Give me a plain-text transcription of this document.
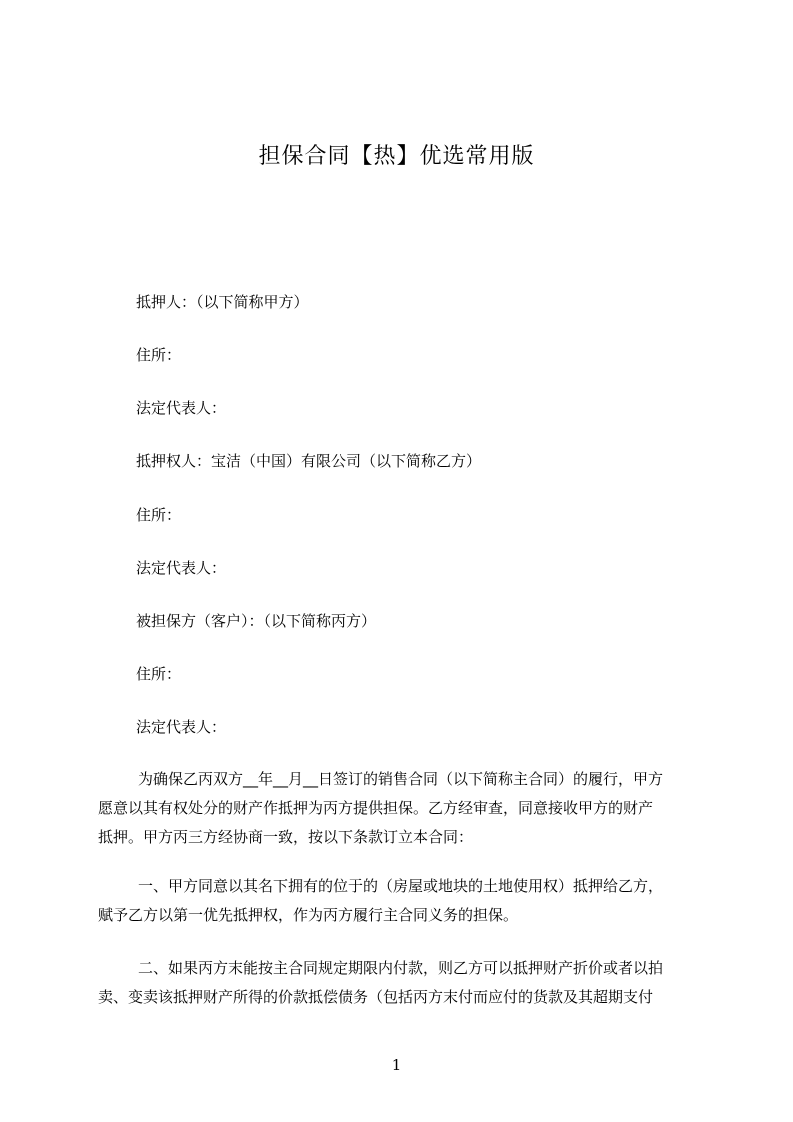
担保合同【热】优选常用版
抵押人：（以下简称甲方）
住所：
法定代表人：
抵押权人：宝洁（中国）有限公司（以下简称乙方）
住所：
法定代表人：
被担保方（客户）：（以下简称丙方）
住所：
法定代表人：
为确保乙丙双方__年__月__日签订的销售合同（以下简称主合同）的履行，甲方
愿意以其有权处分的财产作抵押为丙方提供担保。乙方经审查，同意接收甲方的财产
抵押。甲方丙三方经协商一致，按以下条款订立本合同：
一、甲方同意以其名下拥有的位于的（房屋或地块的土地使用权）抵押给乙方，
赋予乙方以第一优先抵押权，作为丙方履行主合同义务的担保。
二、如果丙方末能按主合同规定期限内付款，则乙方可以抵押财产折价或者以拍
卖、变卖该抵押财产所得的价款抵偿债务（包括丙方末付而应付的货款及其超期支付
1
